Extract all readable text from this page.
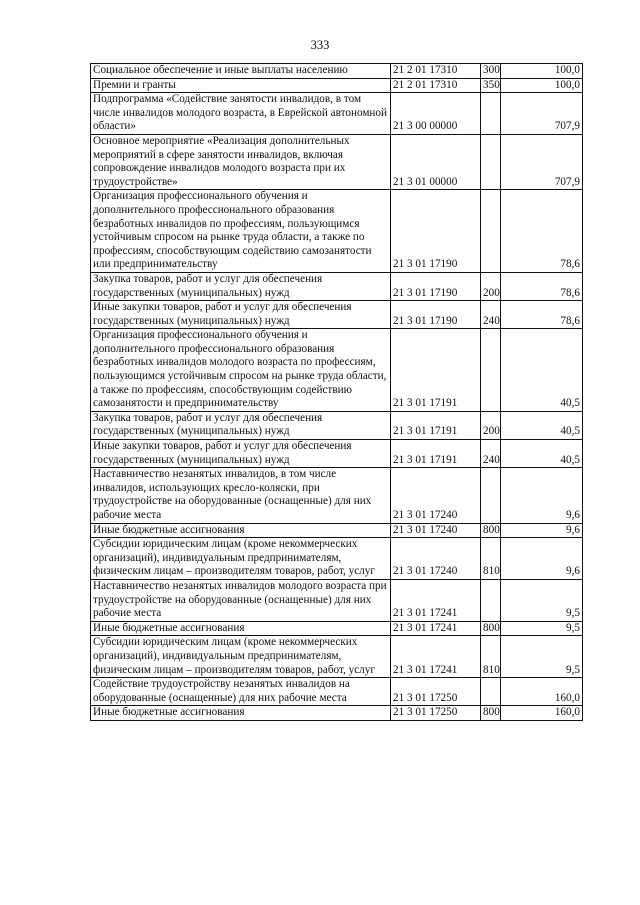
333
Социальное обеспечение и иные выплаты населению	21 2 01 17310	300	100,0
Премии и гранты	21 2 01 17310	350	100,0
Подпрограмма «Содействие занятости инвалидов, в том числе инвалидов молодого возраста, в Еврейской автономной области»	21 3 00 00000		707,9
Основное мероприятие «Реализация дополнительных мероприятий в сфере занятости инвалидов, включая сопровождение инвалидов молодого возраста при их трудоустройстве»	21 3 01 00000		707,9
Организация профессионального обучения и дополнительного профессионального образования безработных инвалидов по профессиям, пользующимся устойчивым спросом на рынке труда области, а также по профессиям, способствующим содействию самозанятости или предпринимательству	21 3 01 17190		78,6
Закупка товаров, работ и услуг для обеспечения государственных (муниципальных) нужд	21 3 01 17190	200	78,6
Иные закупки товаров, работ и услуг для обеспечения государственных (муниципальных) нужд	21 3 01 17190	240	78,6
Организация профессионального обучения и дополнительного профессионального образования безработных инвалидов молодого возраста по профессиям, пользующимся устойчивым спросом на рынке труда области, а также по профессиям, способствующим содействию самозанятости и предпринимательству	21 3 01 17191		40,5
Закупка товаров, работ и услуг для обеспечения государственных (муниципальных) нужд	21 3 01 17191	200	40,5
Иные закупки товаров, работ и услуг для обеспечения государственных (муниципальных) нужд	21 3 01 17191	240	40,5
Наставничество незанятых инвалидов, в том числе инвалидов, использующих кресло-коляски, при трудоустройстве на оборудованные (оснащенные) для них рабочие места	21 3 01 17240		9,6
Иные бюджетные ассигнования	21 3 01 17240	800	9,6
Субсидии юридическим лицам (кроме некоммерческих организаций), индивидуальным предпринимателям, физическим лицам – производителям товаров, работ, услуг	21 3 01 17240	810	9,6
Наставничество незанятых инвалидов молодого возраста при трудоустройстве на оборудованные (оснащенные) для них рабочие места	21 3 01 17241		9,5
Иные бюджетные ассигнования	21 3 01 17241	800	9,5
Субсидии юридическим лицам (кроме некоммерческих организаций), индивидуальным предпринимателям, физическим лицам – производителям товаров, работ, услуг	21 3 01 17241	810	9,5
Содействие трудоустройству незанятых инвалидов на оборудованные (оснащенные) для них рабочие места	21 3 01 17250		160,0
Иные бюджетные ассигнования	21 3 01 17250	800	160,0
